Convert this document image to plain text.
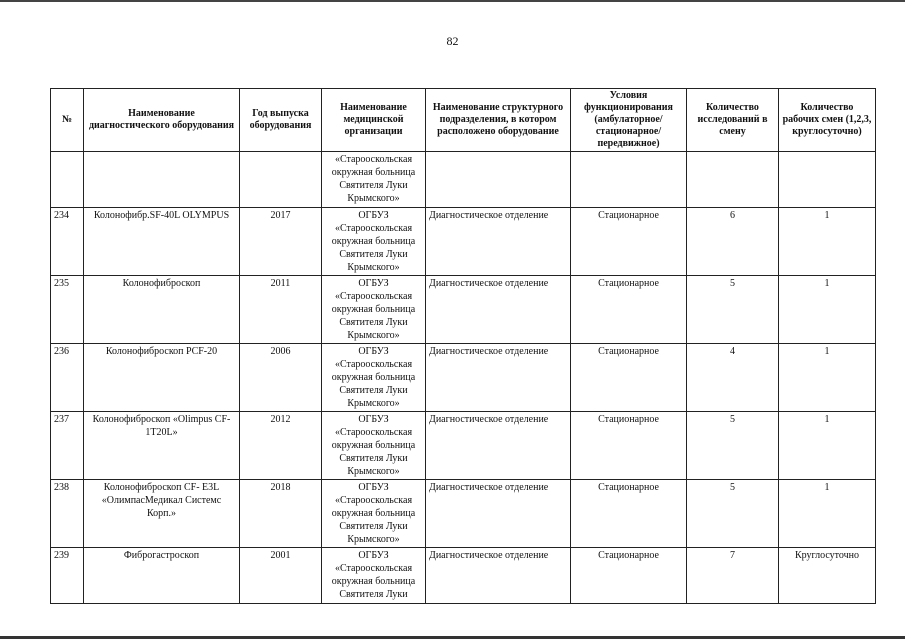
82
№	Наименование диагностического оборудования	Год выпуска оборудования	Наименование медицинской организации	Наименование структурного подразделения, в котором расположено оборудование	Условия функционирования (амбулаторное/ стационарное/ передвижное)	Количество исследований в смену	Количество рабочих смен (1,2,3, круглосуточно)
			«Старооскольская окружная больница Святителя Луки Крымского»				
234	Колонофибр.SF-40L OLYMPUS	2017	ОГБУЗ «Старооскольская окружная больница Святителя Луки Крымского»	Диагностическое отделение	Стационарное	6	1
235	Колонофиброскоп	2011	ОГБУЗ «Старооскольская окружная больница Святителя Луки Крымского»	Диагностическое отделение	Стационарное	5	1
236	Колонофиброскоп PCF-20	2006	ОГБУЗ «Старооскольская окружная больница Святителя Луки Крымского»	Диагностическое отделение	Стационарное	4	1
237	Колонофиброскоп «Olimpus CF-1T20L»	2012	ОГБУЗ «Старооскольская окружная больница Святителя Луки Крымского»	Диагностическое отделение	Стационарное	5	1
238	Колонофиброскоп CF- E3L «ОлимпасМедикал Системс Корп.»	2018	ОГБУЗ «Старооскольская окружная больница Святителя Луки Крымского»	Диагностическое отделение	Стационарное	5	1
239	Фиброгастроскоп	2001	ОГБУЗ «Старооскольская окружная больница Святителя Луки	Диагностическое отделение	Стационарное	7	Круглосуточно
